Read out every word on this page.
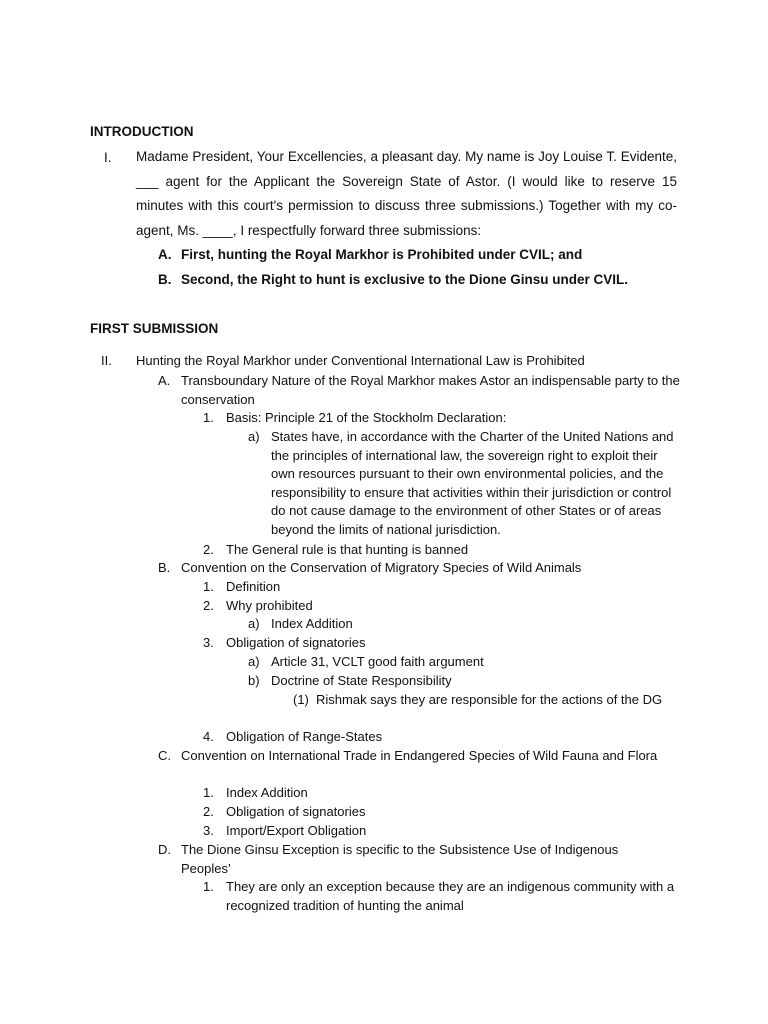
INTRODUCTION
I. Madame President, Your Excellencies, a pleasant day. My name is Joy Louise T. Evidente, ___ agent for the Applicant the Sovereign State of Astor. (I would like to reserve 15 minutes with this court's permission to discuss three submissions.) Together with my co-agent, Ms. ____, I respectfully forward three submissions:

A. First, hunting the Royal Markhor is Prohibited under CVIL; and
B. Second, the Right to hunt is exclusive to the Dione Ginsu under CVIL.
FIRST SUBMISSION
II. Hunting the Royal Markhor under Conventional International Law is Prohibited
A. Transboundary Nature of the Royal Markhor makes Astor an indispensable party to the conservation
1. Basis: Principle 21 of the Stockholm Declaration:
a) States have, in accordance with the Charter of the United Nations and the principles of international law, the sovereign right to exploit their own resources pursuant to their own environmental policies, and the responsibility to ensure that activities within their jurisdiction or control do not cause damage to the environment of other States or of areas beyond the limits of national jurisdiction.
2. The General rule is that hunting is banned
B. Convention on the Conservation of Migratory Species of Wild Animals
1. Definition
2. Why prohibited
a) Index Addition
3. Obligation of signatories
a) Article 31, VCLT good faith argument
b) Doctrine of State Responsibility
(1) Rishmak says they are responsible for the actions of the DG
4. Obligation of Range-States
C. Convention on International Trade in Endangered Species of Wild Fauna and Flora
1. Index Addition
2. Obligation of signatories
3. Import/Export Obligation
D. The Dione Ginsu Exception is specific to the Subsistence Use of Indigenous Peoples’
1. They are only an exception because they are an indigenous community with a recognized tradition of hunting the animal
